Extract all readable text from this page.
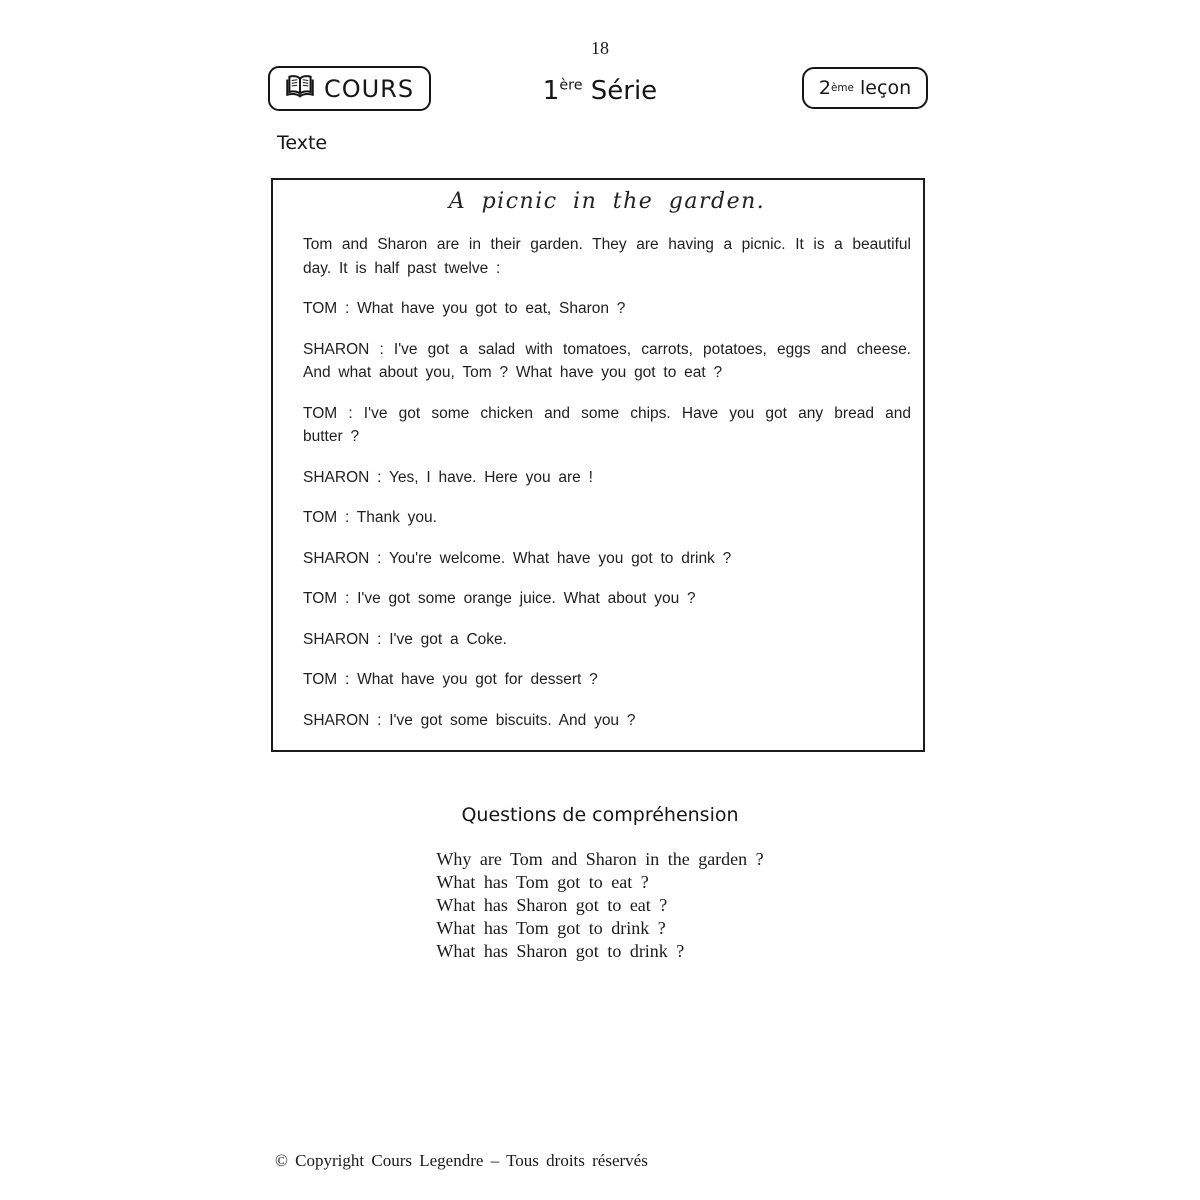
18
COURS	1ère Série	2 ème
leçon
Texte
A picnic in the garden.

Tom and Sharon are in their garden. They are having a picnic. It is a beautiful day. It is half past twelve :

TOM : What have you got to eat, Sharon ?

SHARON : I've got a salad with tomatoes, carrots, potatoes, eggs and cheese. And what about you, Tom ? What have you got to eat ?

TOM : I've got some chicken and some chips. Have you got any bread and butter ?

SHARON : Yes, I have. Here you are !

TOM : Thank you.

SHARON : You're welcome. What have you got to drink ?

TOM : I've got some orange juice. What about you ?

SHARON : I've got a Coke.

TOM : What have you got for dessert ?

SHARON : I've got some biscuits. And you ?

Questions de compréhension
Why are Tom and Sharon in the garden ?
What has Tom got to eat ?
What has Sharon got to eat ?
What has Tom got to drink ?
What has Sharon got to drink ?
© Copyright Cours Legendre – Tous droits réservés
